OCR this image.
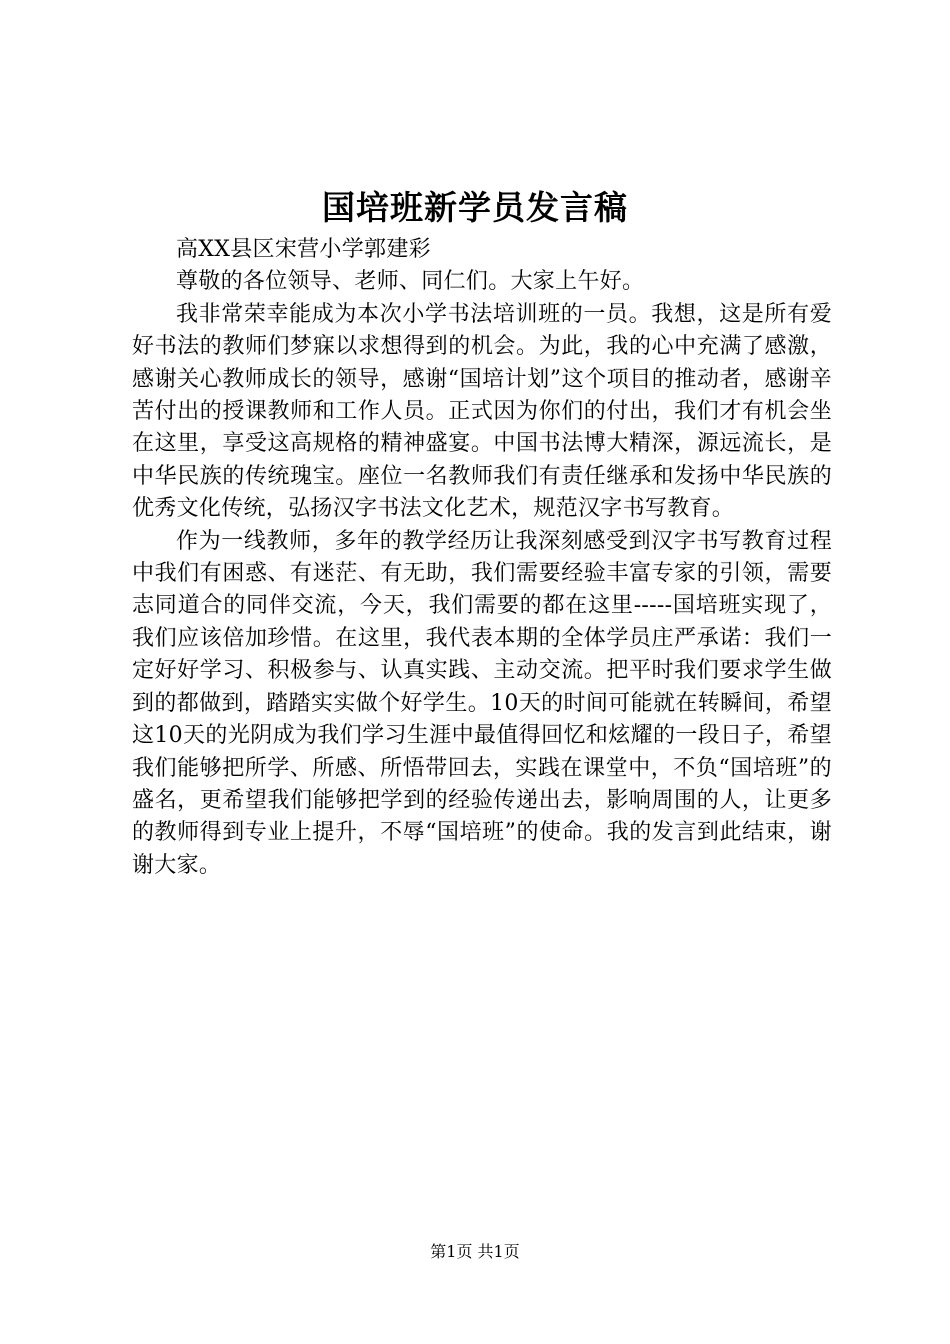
国培班新学员发言稿

高XX县区宋营小学郭建彩

尊敬的各位领导、老师、同仁们。大家上午好。

我非常荣幸能成为本次小学书法培训班的一员。我想，这是所有爱好书法的教师们梦寐以求想得到的机会。为此，我的心中充满了感激，感谢关心教师成长的领导，感谢“国培计划”这个项目的推动者，感谢辛苦付出的授课教师和工作人员。正式因为你们的付出，我们才有机会坐在这里，享受这高规格的精神盛宴。中国书法博大精深，源远流长，是中华民族的传统瑰宝。座位一名教师我们有责任继承和发扬中华民族的优秀文化传统，弘扬汉字书法文化艺术，规范汉字书写教育。

作为一线教师，多年的教学经历让我深刻感受到汉字书写教育过程中我们有困惑、有迷茫、有无助，我们需要经验丰富专家的引领，需要志同道合的同伴交流，今天，我们需要的都在这里-----国培班实现了，我们应该倍加珍惜。在这里，我代表本期的全体学员庄严承诺：我们一定好好学习、积极参与、认真实践、主动交流。把平时我们要求学生做到的都做到，踏踏实实做个好学生。10天的时间可能就在转瞬间，希望这10天的光阴成为我们学习生涯中最值得回忆和炫耀的一段日子，希望我们能够把所学、所感、所悟带回去，实践在课堂中，不负“国培班”的盛名，更希望我们能够把学到的经验传递出去，影响周围的人，让更多的教师得到专业上提升，不辱“国培班”的使命。我的发言到此结束，谢谢大家。

第1页 共1页
